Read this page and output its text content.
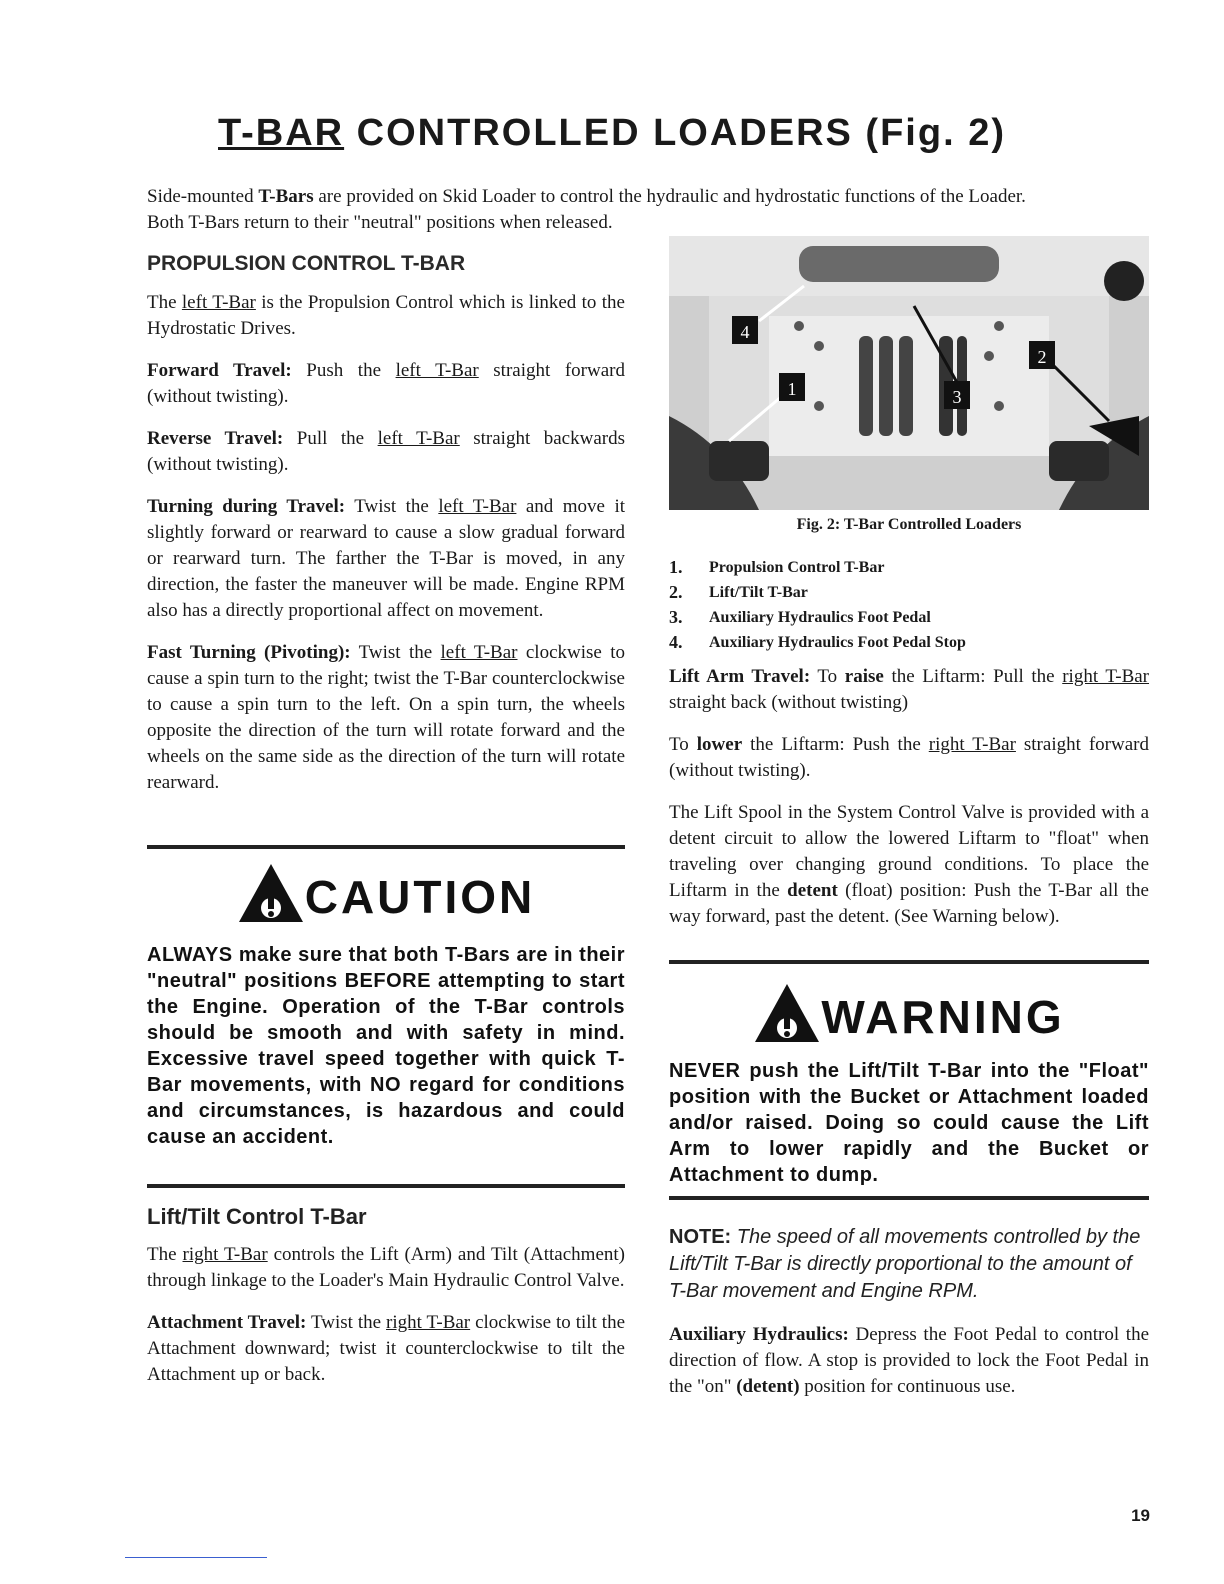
T-BAR CONTROLLED LOADERS (Fig. 2)
Side-mounted T-Bars are provided on Skid Loader to control the hydraulic and hydrostatic functions of the Loader.
Both T-Bars return to their "neutral" positions when released.
PROPULSION CONTROL T-BAR

The left T-Bar is the Propulsion Control which is linked to the Hydrostatic Drives.

Forward Travel: Push the left T-Bar straight forward (without twisting).

Reverse Travel: Pull the left T-Bar straight backwards (without twisting).

Turning during Travel: Twist the left T-Bar and move it slightly forward or rearward to cause a slow gradual forward or rearward turn. The farther the T-Bar is moved, in any direction, the faster the maneuver will be made. Engine RPM also has a directly proportional affect on movement.

Fast Turning (Pivoting): Twist the left T-Bar clockwise to cause a spin turn to the right; twist the T-Bar counterclockwise to cause a spin turn to the left. On a spin turn, the wheels opposite the direction of the turn will rotate forward and the wheels on the same side as the direction of the turn will rotate rearward.

CAUTION
ALWAYS make sure that both T-Bars are in their "neutral" positions BEFORE attempting to start the Engine. Operation of the T-Bar controls should be smooth and with safety in mind. Excessive travel speed together with quick T-Bar movements, with NO regard for conditions and circumstances, is hazardous and could cause an accident.
Lift/Tilt Control T-Bar

The right T-Bar controls the Lift (Arm) and Tilt (Attachment) through linkage to the Loader's Main Hydraulic Control Valve.

Attachment Travel: Twist the right T-Bar clockwise to tilt the Attachment downward; twist it counterclockwise to tilt the Attachment up or back.

4
1	3
2
Fig. 2: T-Bar Controlled Loaders
1.	Propulsion Control T-Bar
2.	Lift/Tilt T-Bar
3.	Auxiliary Hydraulics Foot Pedal
4.	Auxiliary Hydraulics Foot Pedal Stop

Lift Arm Travel: To raise the Liftarm: Pull the right T-Bar straight back (without twisting)

To lower the Liftarm: Push the right T-Bar straight forward (without twisting).

The Lift Spool in the System Control Valve is provided with a detent circuit to allow the lowered Liftarm to "float" when traveling over changing ground conditions. To place the Liftarm in the detent (float) position: Push the T-Bar all the way forward, past the detent. (See Warning below).

WARNING
NEVER push the Lift/Tilt T-Bar into the "Float" position with the Bucket or Attachment loaded and/or raised. Doing so could cause the Lift Arm to lower rapidly and the Bucket or Attachment to dump.
NOTE: The speed of all movements controlled by the Lift/Tilt T-Bar is directly proportional to the amount of T-Bar movement and Engine RPM.

Auxiliary Hydraulics: Depress the Foot Pedal to control the direction of flow. A stop is provided to lock the Foot Pedal in the "on" (detent) position for continuous use.

19
